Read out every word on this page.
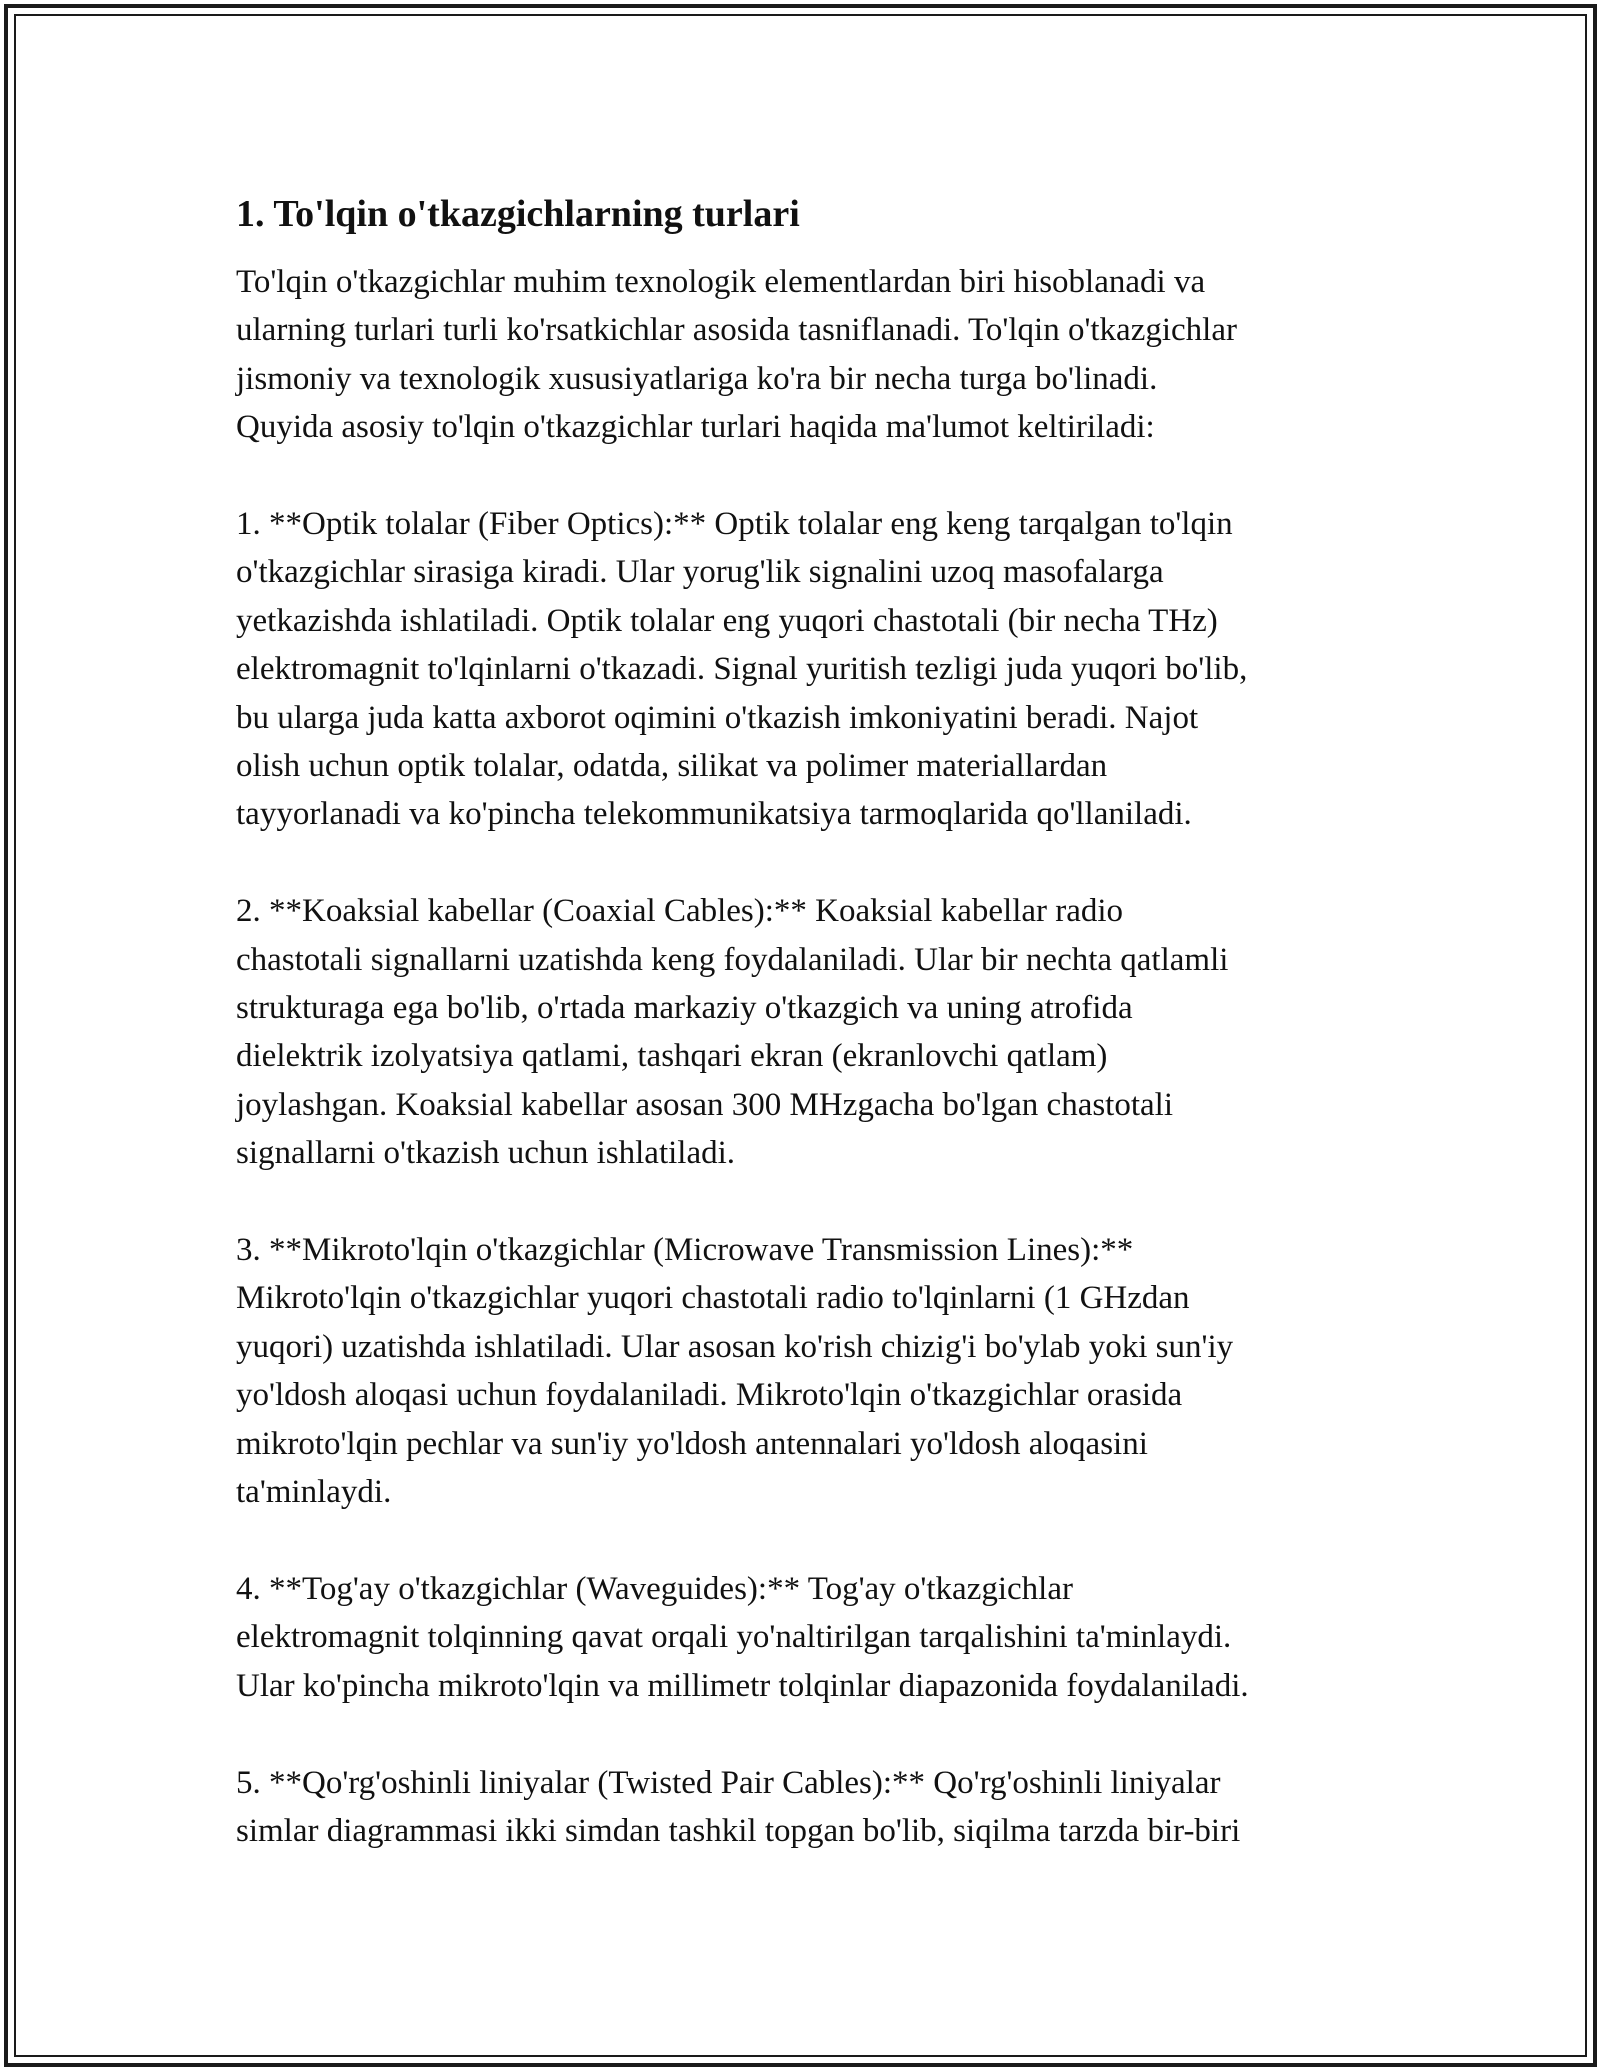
1. To'lqin o'tkazgichlarning turlari

To'lqin o'tkazgichlar muhim texnologik elementlardan biri hisoblanadi va
ularning turlari turli ko'rsatkichlar asosida tasniflanadi. To'lqin o'tkazgichlar
jismoniy va texnologik xususiyatlariga ko'ra bir necha turga bo'linadi.
Quyida asosiy to'lqin o'tkazgichlar turlari haqida ma'lumot keltiriladi:

1. **Optik tolalar (Fiber Optics):** Optik tolalar eng keng tarqalgan to'lqin
o'tkazgichlar sirasiga kiradi. Ular yorug'lik signalini uzoq masofalarga
yetkazishda ishlatiladi. Optik tolalar eng yuqori chastotali (bir necha THz)
elektromagnit to'lqinlarni o'tkazadi. Signal yuritish tezligi juda yuqori bo'lib,
bu ularga juda katta axborot oqimini o'tkazish imkoniyatini beradi. Najot
olish uchun optik tolalar, odatda, silikat va polimer materiallardan
tayyorlanadi va ko'pincha telekommunikatsiya tarmoqlarida qo'llaniladi.

2. **Koaksial kabellar (Coaxial Cables):** Koaksial kabellar radio
chastotali signallarni uzatishda keng foydalaniladi. Ular bir nechta qatlamli
strukturaga ega bo'lib, o'rtada markaziy o'tkazgich va uning atrofida
dielektrik izolyatsiya qatlami, tashqari ekran (ekranlovchi qatlam)
joylashgan. Koaksial kabellar asosan 300 MHzgacha bo'lgan chastotali
signallarni o'tkazish uchun ishlatiladi.

3. **Mikroto'lqin o'tkazgichlar (Microwave Transmission Lines):**
Mikroto'lqin o'tkazgichlar yuqori chastotali radio to'lqinlarni (1 GHzdan
yuqori) uzatishda ishlatiladi. Ular asosan ko'rish chizig'i bo'ylab yoki sun'iy
yo'ldosh aloqasi uchun foydalaniladi. Mikroto'lqin o'tkazgichlar orasida
mikroto'lqin pechlar va sun'iy yo'ldosh antennalari yo'ldosh aloqasini
ta'minlaydi.

4. **Tog'ay o'tkazgichlar (Waveguides):** Tog'ay o'tkazgichlar
elektromagnit tolqinning qavat orqali yo'naltirilgan tarqalishini ta'minlaydi.
Ular ko'pincha mikroto'lqin va millimetr tolqinlar diapazonida foydalaniladi.

5. **Qo'rg'oshinli liniyalar (Twisted Pair Cables):** Qo'rg'oshinli liniyalar
simlar diagrammasi ikki simdan tashkil topgan bo'lib, siqilma tarzda bir-biri
